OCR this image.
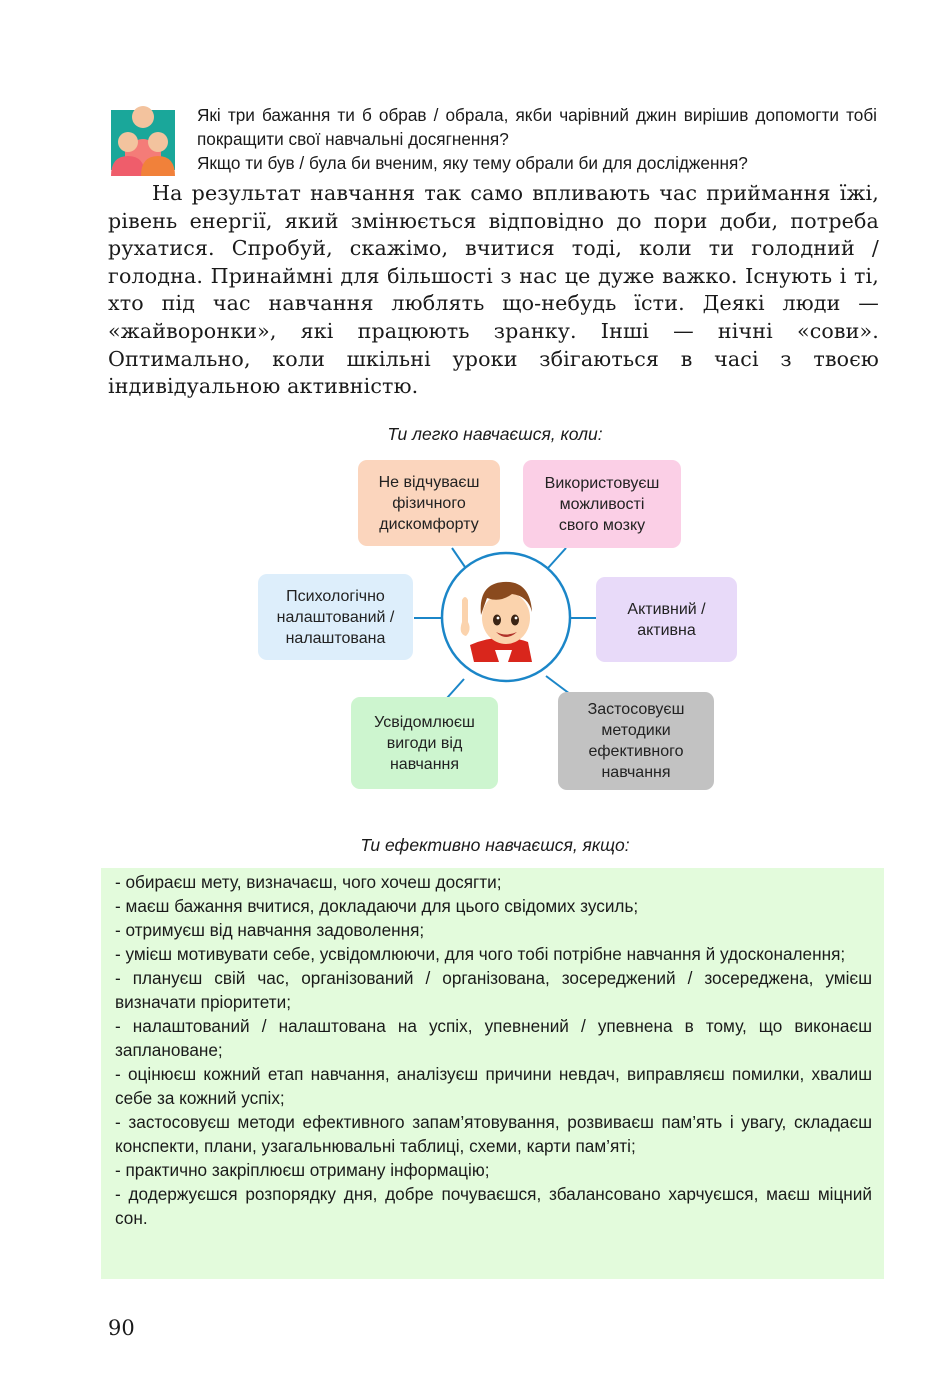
Які три бажання ти б обрав / обрала, якби чарівний джин вирішив допомогти тобі покращити свої навчальні досягнення?

Якщо ти був / була би вченим, яку тему обрали би для дослідження?

На результат навчання так само впливають час приймання їжі, рівень енергії, який змінюється відповідно до пори доби, потреба рухатися. Спробуй, скажімо, вчитися тоді, коли ти голодний / голодна. Принаймні для більшості з нас це дуже важко. Існують і ті, хто під час навчання люблять що-небудь їсти. Деякі люди — «жайворонки», які працюють зранку. Інші — нічні «сови». Оптимально, коли шкільні уроки збігаються в часі з твоєю індивідуальною активністю.

Ти легко навчаєшся, коли:
Не відчуваєш
фізичного
дискомфорту
Використовуєш
можливості
свого мозку
Психологічно
налаштований /
налаштована
Активний /
активна
Усвідомлюєш
вигоди від
навчання
Застосовуєш
методики
ефективного
навчання
Ти ефективно навчаєшся, якщо:
- обираєш мету, визначаєш, чого хочеш досягти;
- маєш бажання вчитися, докладаючи для цього свідомих зусиль;
- отримуєш від навчання задоволення;
- умієш мотивувати себе, усвідомлюючи, для чого тобі потрібне навчання й удосконалення;
- плануєш свій час, організований / організована, зосереджений / зосереджена, умієш визначати пріоритети;
- налаштований / налаштована на успіх, упевнений / упевнена в тому, що виконаєш заплановане;
- оцінюєш кожний етап навчання, аналізуєш причини невдач, виправляєш помилки, хвалиш себе за кожний успіх;
- застосовуєш методи ефективного запам’ятовування, розвиваєш пам’ять і увагу, складаєш конспекти, плани, узагальнювальні таблиці, схеми, карти пам’яті;
- практично закріплюєш отриману інформацію;
- додержуєшся розпорядку дня, добре почуваєшся, збалансовано харчуєшся, маєш міцний сон.
90
